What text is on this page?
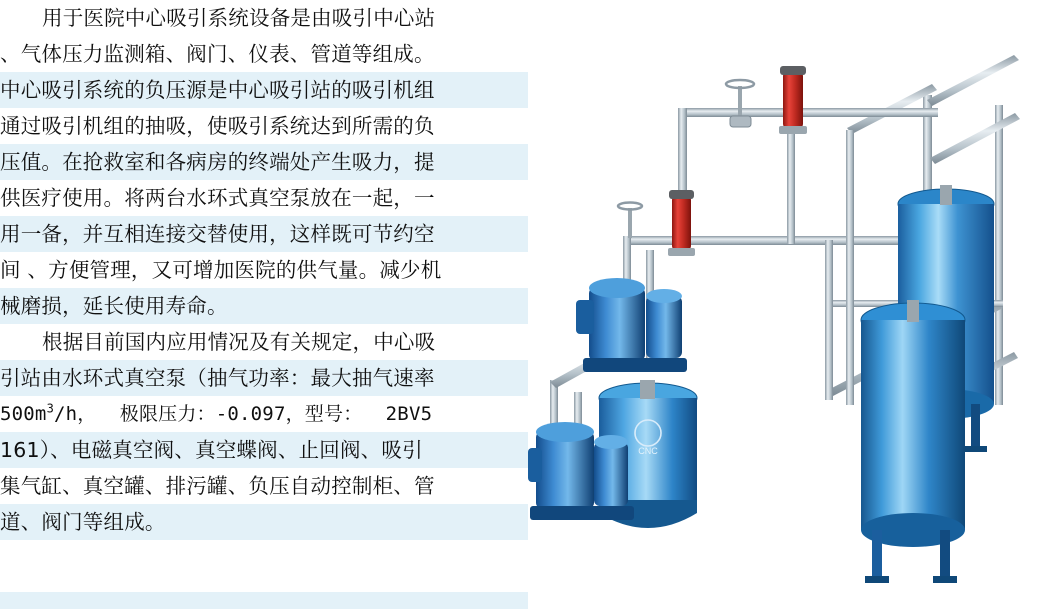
用于医院中心吸引系统设备是由吸引中心站
、气体压力监测箱、阀门、仪表、管道等组成。
中心吸引系统的负压源是中心吸引站的吸引机组
通过吸引机组的抽吸，使吸引系统达到所需的负
压值。在抢救室和各病房的终端处产生吸力，提
供医疗使用。将两台水环式真空泵放在一起，一
用一备，并互相连接交替使用，这样既可节约空
间 、方便管理，又可增加医院的供气量。减少机
械磨损，延长使用寿命。
根据目前国内应用情况及有关规定，中心吸
引站由水环式真空泵（抽气功率：最大抽气速率
$500m^3/h$，  极限压力：-0.097，型号：  2BV5
161）、电磁真空阀、真空蝶阀、止回阀、吸引
集气缸、真空罐、排污罐、负压自动控制柜、管
道、阀门等组成。
CNC
